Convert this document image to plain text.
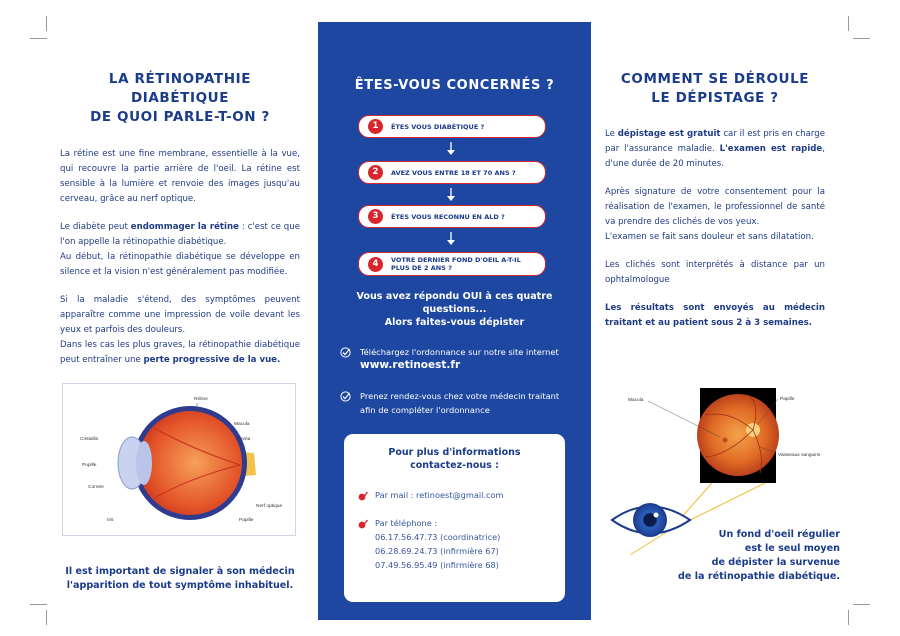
LA RÉTINOPATHIE DIABÉTIQUE
DE QUOI PARLE-T-ON ?

La rétine est une fine membrane, essentielle à la vue, qui recouvre la partie arrière de l'oeil. La rétine est sensible à la lumière et renvoie des images jusqu'au cerveau, grâce au nerf optique.

Le diabète peut endommager la rétine : c'est ce que l'on appelle la rétinopathie diabétique.

Au début, la rétinopathie diabétique se développe en silence et la vision n'est généralement pas modifiée.

Si la maladie s'étend, des symptômes peuvent apparaître comme une impression de voile devant les yeux et parfois des douleurs.

Dans les cas les plus graves, la rétinopathie diabétique peut entraîner une perte progressive de la vue.

Rétine
Macula
Fovéa
Cristallin
Pupille
Cornée
Iris
Nerf optique
Papille

Il est important de signaler à son médecin

l'apparition de tout symptôme inhabituel.

ÊTES-VOUS CONCERNÉS ?
1	ÊTES VOUS DIABÉTIQUE ?
2	AVEZ VOUS ENTRE 18 ET 70 ANS ?
3	ÊTES VOUS RECONNU EN ALD ?
4	VOTRE DERNIER FOND D'OEIL A-T-IL PLUS DE 2 ANS ?
Vous avez répondu OUI à ces quatre
questions...
Alors faites-vous dépister
Téléchargez l'ordonnance sur notre site internet
www.retinoest.fr
Prenez rendez-vous chez votre médecin traitant afin de compléter l'ordonnance
Pour plus d'informations
contactez-nous :
Par mail : retinoest@gmail.com
Par téléphone :
06.17.56.47.73 (coordinatrice)
06.28.69.24.73 (infirmière 67)
07.49.56.95.49 (infirmière 68)
COMMENT SE DÉROULE
LE DÉPISTAGE ?

Le dépistage est gratuit car il est pris en charge par l'assurance maladie. L'examen est rapide, d'une durée de 20 minutes.

Après signature de votre consentement pour la réalisation de l'examen, le professionnel de santé va prendre des clichés de vos yeux.

L'examen se fait sans douleur et sans dilatation.

Les clichés sont interprétés à distance par un ophtalmologue

Les résultats sont envoyés au médecin traitant et au patient sous 2 à 3 semaines.

Macula	Papille
Vaisseaux sanguins

Un fond d'oeil régulier

est le seul moyen

de dépister la survenue

de la rétinopathie diabétique.
